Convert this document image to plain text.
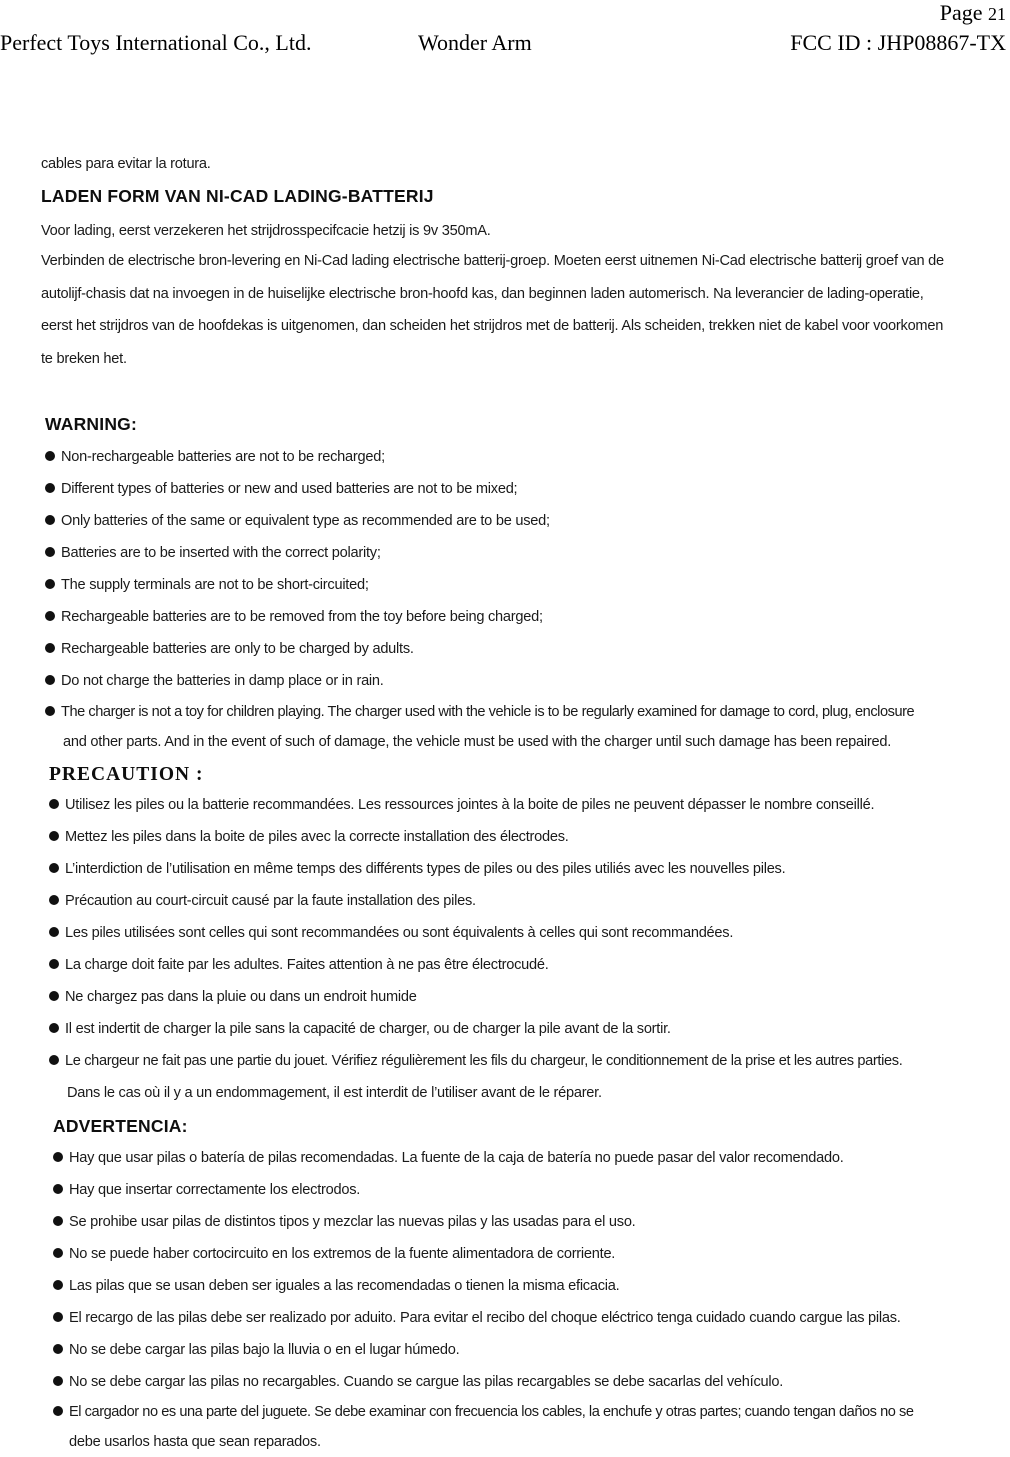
Page 21
Perfect Toys International Co., Ltd.	Wonder Arm	FCC ID : JHP08867-TX
cables para evitar la rotura.
LADEN FORM VAN NI-CAD LADING-BATTERIJ
Voor lading, eerst verzekeren het strijdrosspecifcacie hetzij is 9v 350mA.
Verbinden de electrische bron-levering en Ni-Cad lading electrische batterij-groep. Moeten eerst uitnemen Ni-Cad electrische batterij groef van de
autolijf-chasis dat na invoegen in de huiselijke electrische bron-hoofd kas, dan beginnen laden automerisch. Na leverancier de lading-operatie,
eerst het strijdros van de hoofdekas is uitgenomen, dan scheiden het strijdros met de batterij. Als scheiden, trekken niet de kabel voor voorkomen
te breken het.
WARNING:
Non-rechargeable batteries are not to be recharged;
Different types of batteries or new and used batteries are not to be mixed;
Only batteries of the same or equivalent type as recommended are to be used;
Batteries are to be inserted with the correct polarity;
The supply terminals are not to be short-circuited;
Rechargeable batteries are to be removed from the toy before being charged;
Rechargeable batteries are only to be charged by adults.
Do not charge the batteries in damp place or in rain.
The charger is not a toy for children playing. The charger used with the vehicle is to be regularly examined for damage to cord, plug, enclosure
and other parts. And in the event of such of damage, the vehicle must be used with the charger until such damage has been repaired.
PRECAUTION :
Utilisez les piles ou la batterie recommandées. Les ressources jointes à la boite de piles ne peuvent dépasser le nombre conseillé.
Mettez les piles dans la boite de piles avec la correcte installation des électrodes.
L’interdiction de l’utilisation en même temps des différents types de piles ou des piles utiliés avec les nouvelles piles.
Précaution au court-circuit causé par la faute installation des piles.
Les piles utilisées sont celles qui sont recommandées ou sont équivalents à celles qui sont recommandées.
La charge doit faite par les adultes. Faites attention à ne pas être électrocudé.
Ne chargez pas dans la pluie ou dans un endroit humide
Il est indertit de charger la pile sans la capacité de charger, ou de charger la pile avant de la sortir.
Le chargeur ne fait pas une partie du jouet. Vérifiez régulièrement les fils du chargeur, le conditionnement de la prise et les autres parties.
Dans le cas où il y a un endommagement, il est interdit de l’utiliser avant de le réparer.
ADVERTENCIA:
Hay que usar pilas o batería de pilas recomendadas. La fuente de la caja de batería no puede pasar del valor recomendado.
Hay que insertar correctamente los electrodos.
Se prohibe usar pilas de distintos tipos y mezclar las nuevas pilas y las usadas para el uso.
No se puede haber cortocircuito en los extremos de la fuente alimentadora de corriente.
Las pilas que se usan deben ser iguales a las recomendadas o tienen la misma eficacia.
El recargo de las pilas debe ser realizado por aduito. Para evitar el recibo del choque eléctrico tenga cuidado cuando cargue las pilas.
No se debe cargar las pilas bajo la lluvia o en el lugar húmedo.
No se debe cargar las pilas no recargables. Cuando se cargue las pilas recargables se debe sacarlas del vehículo.
El cargador no es una parte del juguete. Se debe examinar con frecuencia los cables, la enchufe y otras partes; cuando tengan daños no se
debe usarlos hasta que sean reparados.
